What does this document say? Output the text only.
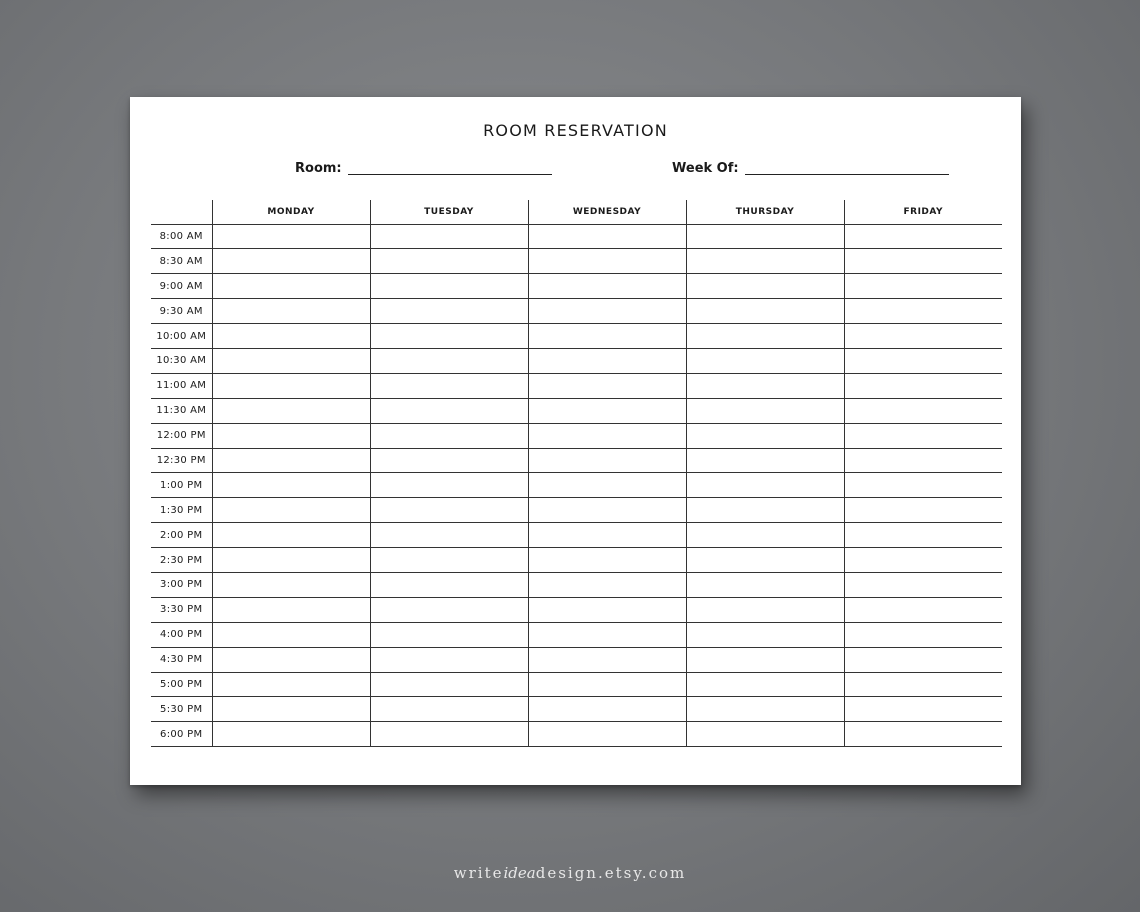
ROOM RESERVATION
Room:	Week Of:
	MONDAY	TUESDAY	WEDNESDAY	THURSDAY	FRIDAY
8:00 AM					
8:30 AM					
9:00 AM					
9:30 AM					
10:00 AM					
10:30 AM					
11:00 AM					
11:30 AM					
12:00 PM					
12:30 PM					
1:00 PM					
1:30 PM					
2:00 PM					
2:30 PM					
3:00 PM					
3:30 PM					
4:00 PM					
4:30 PM					
5:00 PM					
5:30 PM					
6:00 PM					
writeideadesign.etsy.com
